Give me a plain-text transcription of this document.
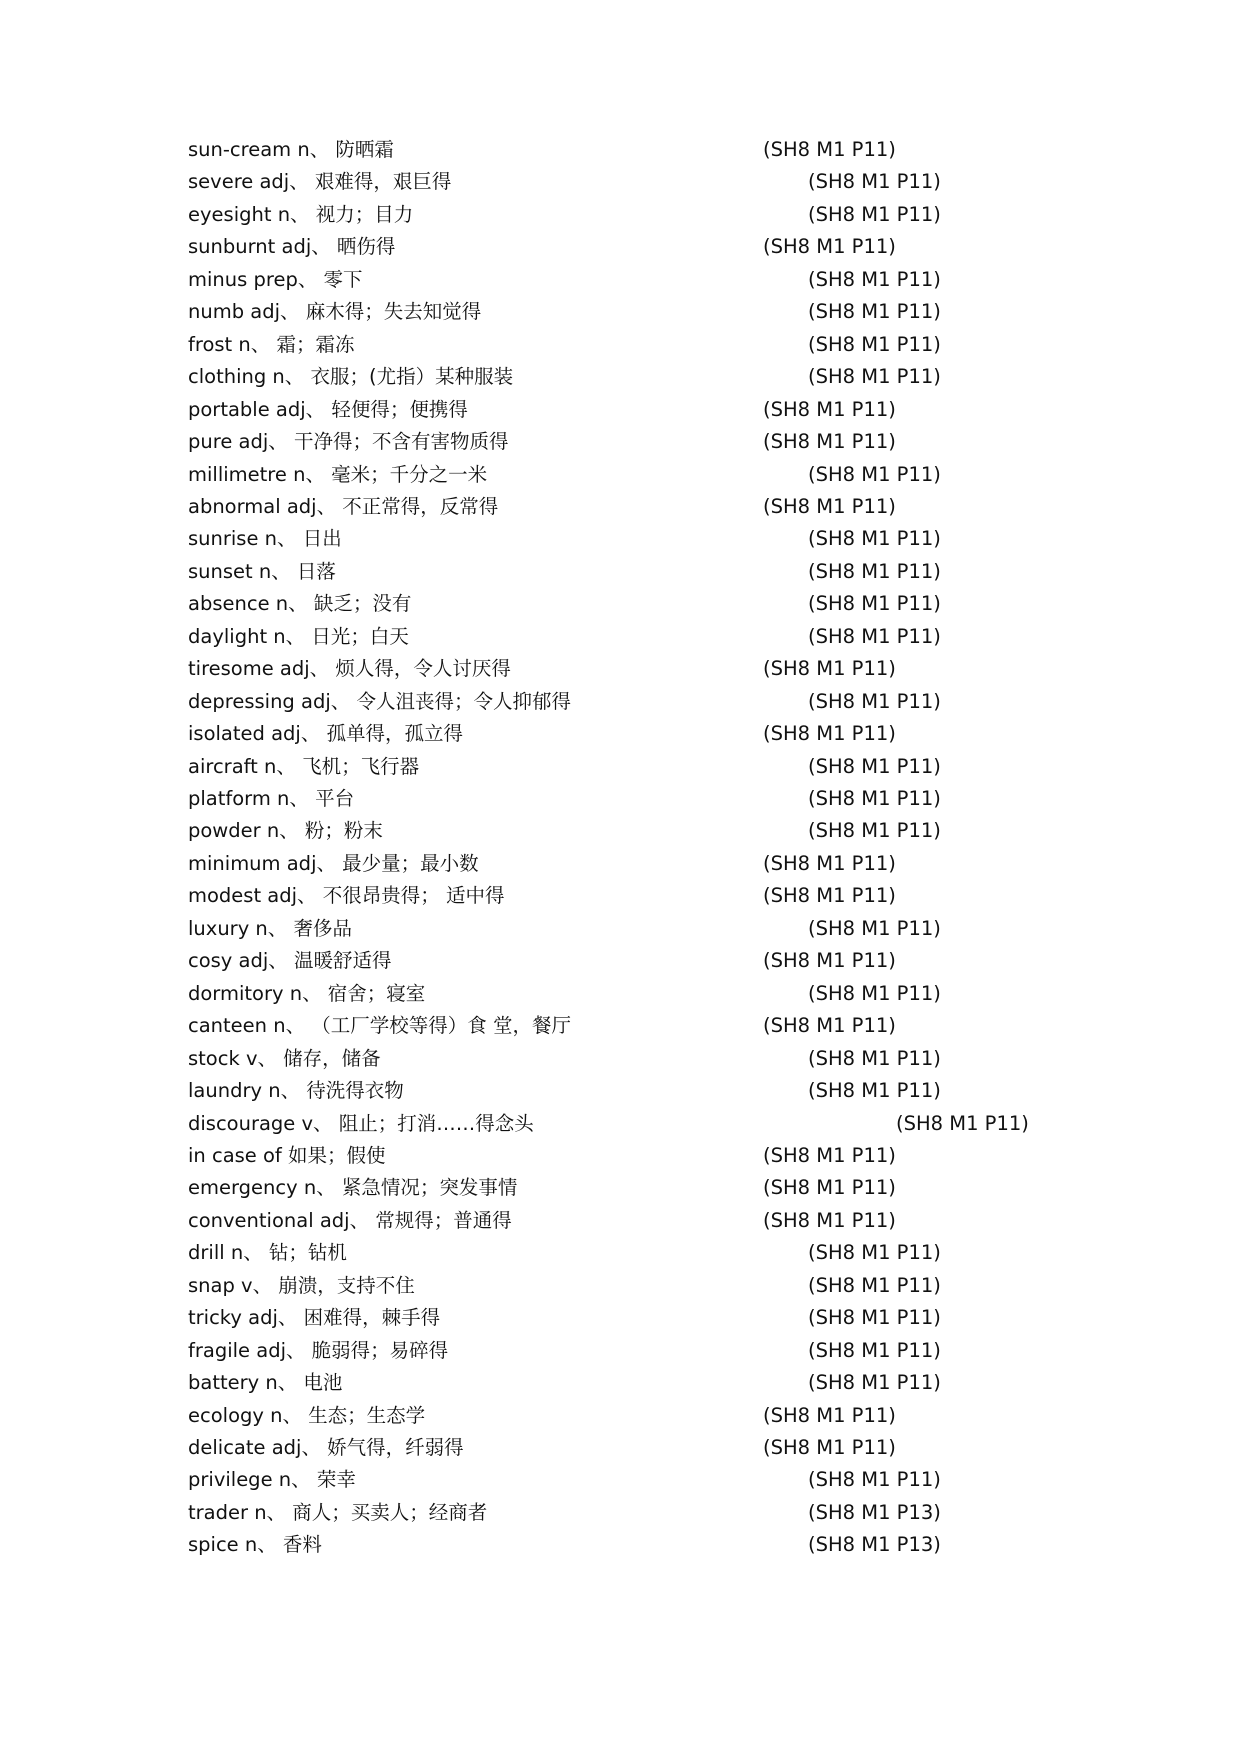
sun-cream n、 防晒霜	(SH8 M1 P11)
severe adj、 艰难得，艰巨得	(SH8 M1 P11)
eyesight n、 视力；目力	(SH8 M1 P11)
sunburnt adj、 晒伤得	(SH8 M1 P11)
minus prep、 零下	(SH8 M1 P11)
numb adj、 麻木得；失去知觉得	(SH8 M1 P11)
frost n、 霜；霜冻	(SH8 M1 P11)
clothing n、 衣服；(尤指）某种服装	(SH8 M1 P11)
portable adj、 轻便得；便携得	(SH8 M1 P11)
pure adj、 干净得；不含有害物质得	(SH8 M1 P11)
millimetre n、 毫米；千分之一米	(SH8 M1 P11)
abnormal adj、 不正常得，反常得	(SH8 M1 P11)
sunrise n、 日出	(SH8 M1 P11)
sunset n、 日落	(SH8 M1 P11)
absence n、 缺乏；没有	(SH8 M1 P11)
daylight n、 日光；白天	(SH8 M1 P11)
tiresome adj、 烦人得，令人讨厌得	(SH8 M1 P11)
depressing adj、 令人沮丧得；令人抑郁得	(SH8 M1 P11)
isolated adj、 孤单得，孤立得	(SH8 M1 P11)
aircraft n、 飞机；飞行器	(SH8 M1 P11)
platform n、 平台	(SH8 M1 P11)
powder n、 粉；粉末	(SH8 M1 P11)
minimum adj、 最少量；最小数	(SH8 M1 P11)
modest adj、 不很昂贵得； 适中得	(SH8 M1 P11)
luxury n、 奢侈品	(SH8 M1 P11)
cosy adj、 温暖舒适得	(SH8 M1 P11)
dormitory n、 宿舍；寝室	(SH8 M1 P11)
canteen n、 （工厂学校等得）食 堂，餐厅	(SH8 M1 P11)
stock v、 储存，储备	(SH8 M1 P11)
laundry n、 待洗得衣物	(SH8 M1 P11)
discourage v、 阻止；打消……得念头	(SH8 M1 P11)
in case of 如果；假使	(SH8 M1 P11)
emergency n、 紧急情况；突发事情	(SH8 M1 P11)
conventional adj、 常规得；普通得	(SH8 M1 P11)
drill n、 钻；钻机	(SH8 M1 P11)
snap v、 崩溃，支持不住	(SH8 M1 P11)
tricky adj、 困难得，棘手得	(SH8 M1 P11)
fragile adj、 脆弱得；易碎得	(SH8 M1 P11)
battery n、 电池	(SH8 M1 P11)
ecology n、 生态；生态学	(SH8 M1 P11)
delicate adj、 娇气得，纤弱得	(SH8 M1 P11)
privilege n、 荣幸	(SH8 M1 P11)
trader n、 商人；买卖人；经商者	(SH8 M1 P13)
spice n、 香料	(SH8 M1 P13)
